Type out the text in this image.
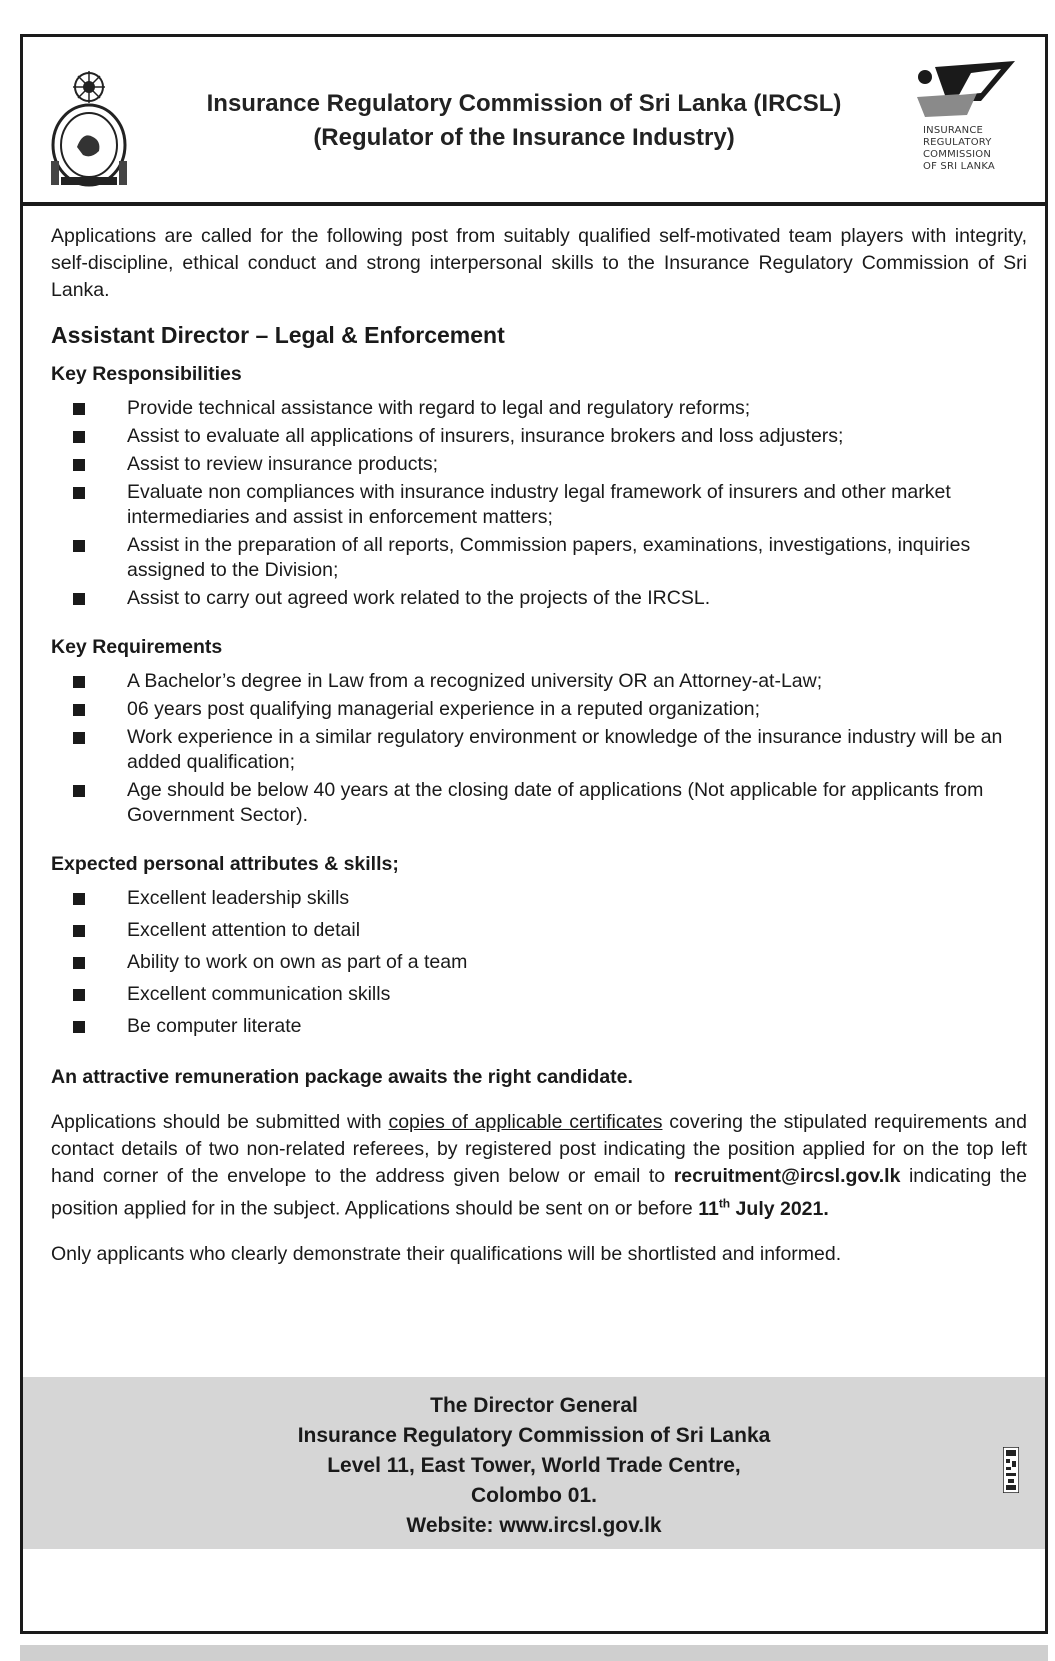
Insurance Regulatory Commission of Sri Lanka (IRCSL)
(Regulator of the Insurance Industry)	INSURANCE
REGULATORY
COMMISSION
OF SRI LANKA

Applications are called for the following post from suitably qualified self-motivated team players with integrity, self-discipline, ethical conduct and strong interpersonal skills to the Insurance Regulatory Commission of Sri Lanka.

Assistant Director – Legal & Enforcement
Key Responsibilities
Provide technical assistance with regard to legal and regulatory reforms;
Assist to evaluate all applications of insurers, insurance brokers and loss adjusters;
Assist to review insurance products;
Evaluate non compliances with insurance industry legal framework of insurers and other market intermediaries and assist in enforcement matters;
Assist in the preparation of all reports, Commission papers, examinations, investigations, inquiries assigned to the Division;
Assist to carry out agreed work related to the projects of the IRCSL.
Key Requirements
A Bachelor’s degree in Law from a recognized university OR an Attorney-at-Law;
06 years post qualifying managerial experience in a reputed organization;
Work experience in a similar regulatory environment or knowledge of the insurance industry will be an added qualification;
Age should be below 40 years at the closing date of applications (Not applicable for applicants from Government Sector).
Expected personal attributes & skills;
Excellent leadership skills
Excellent attention to detail
Ability to work on own as part of a team
Excellent communication skills
Be computer literate

An attractive remuneration package awaits the right candidate.

Applications should be submitted with copies of applicable certificates covering the stipulated requirements and contact details of two non-related referees, by registered post indicating the position applied for on the top left hand corner of the envelope to the address given below or email to recruitment@ircsl.gov.lk indicating the position applied for in the subject. Applications should be sent on or before 11th July 2021.

Only applicants who clearly demonstrate their qualifications will be shortlisted and informed.

The Director General
Insurance Regulatory Commission of Sri Lanka
Level 11, East Tower, World Trade Centre,
Colombo 01.
Website: www.ircsl.gov.lk
